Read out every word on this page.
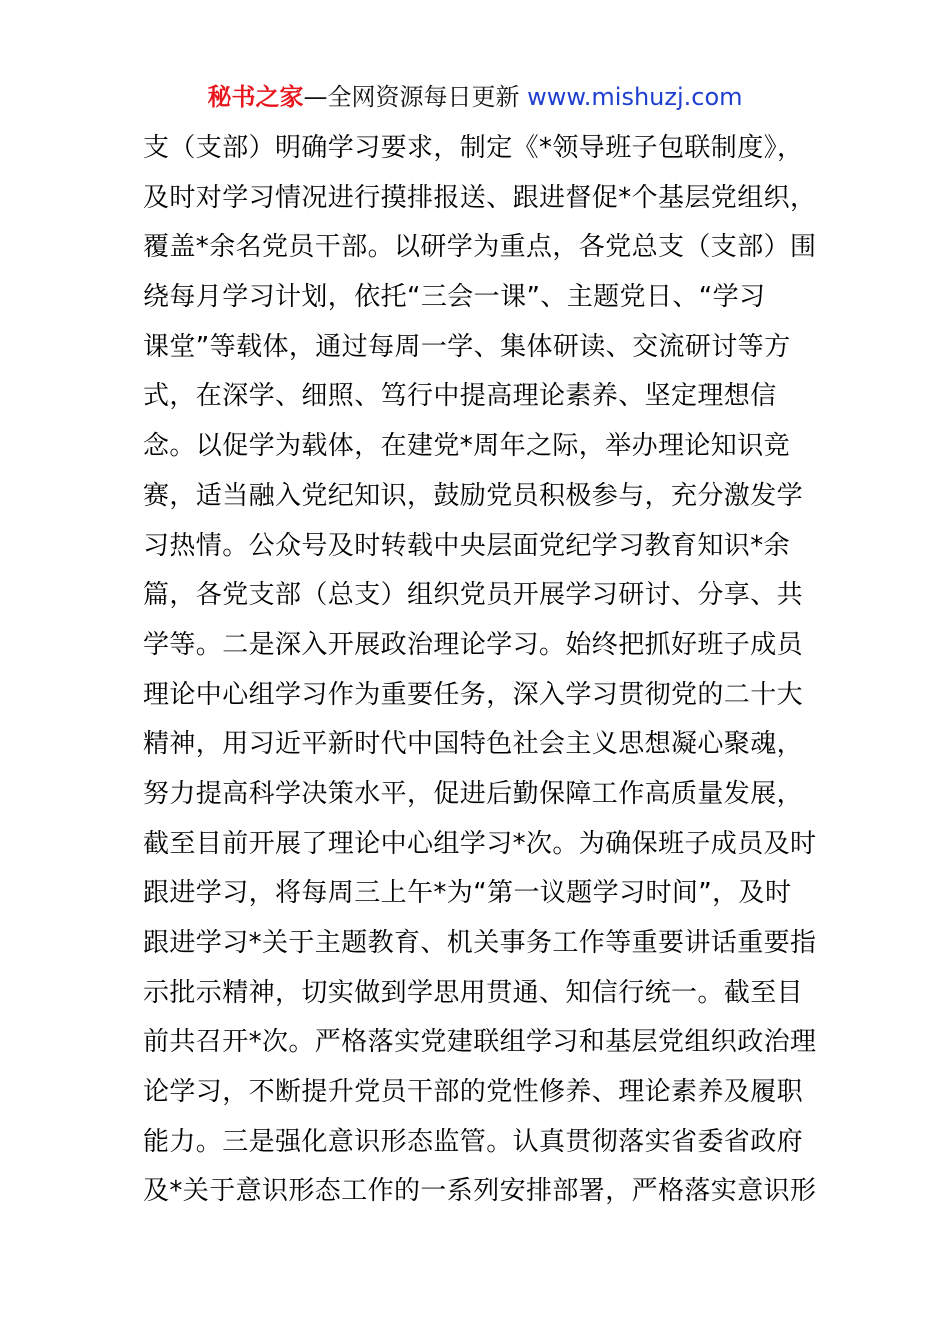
秘书之家—全网资源每日更新 www.mishuzj.com
支（支部）明确学习要求，制定《*领导班子包联制度》，
及时对学习情况进行摸排报送、跟进督促*个基层党组织，
覆盖*余名党员干部。以研学为重点，各党总支（支部）围
绕每月学习计划，依托“三会一课”、主题党日、“学习
课堂”等载体，通过每周一学、集体研读、交流研讨等方
式，在深学、细照、笃行中提高理论素养、坚定理想信
念。以促学为载体，在建党*周年之际，举办理论知识竞
赛，适当融入党纪知识，鼓励党员积极参与，充分激发学
习热情。公众号及时转载中央层面党纪学习教育知识*余
篇，各党支部（总支）组织党员开展学习研讨、分享、共
学等。二是深入开展政治理论学习。始终把抓好班子成员
理论中心组学习作为重要任务，深入学习贯彻党的二十大
精神，用习近平新时代中国特色社会主义思想凝心聚魂，
努力提高科学决策水平，促进后勤保障工作高质量发展，
截至目前开展了理论中心组学习*次。为确保班子成员及时
跟进学习，将每周三上午*为“第一议题学习时间”，及时
跟进学习*关于主题教育、机关事务工作等重要讲话重要指
示批示精神，切实做到学思用贯通、知信行统一。截至目
前共召开*次。严格落实党建联组学习和基层党组织政治理
论学习，不断提升党员干部的党性修养、理论素养及履职
能力。三是强化意识形态监管。认真贯彻落实省委省政府
及*关于意识形态工作的一系列安排部署，严格落实意识形
